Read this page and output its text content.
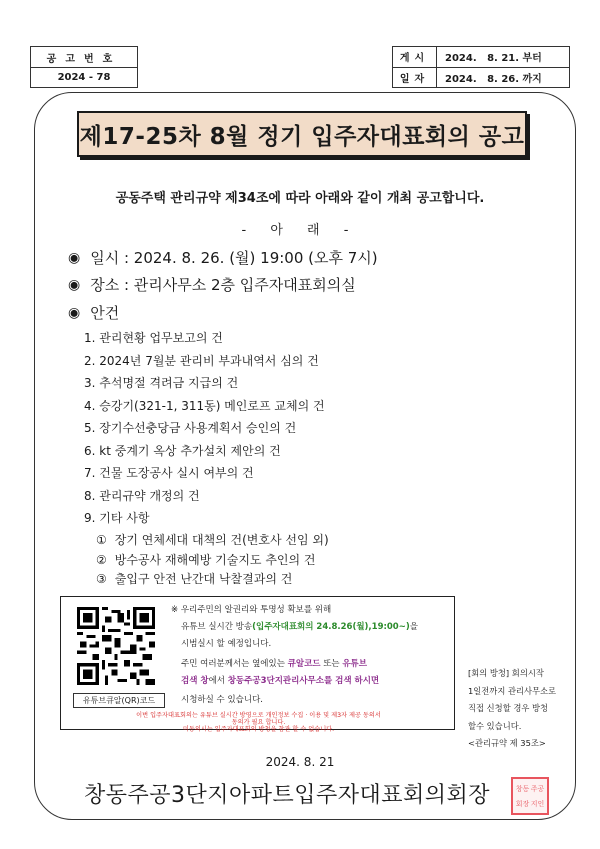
공고번호
2024 - 78
게시	2024.   8. 21. 부터
일자	2024.   8. 26. 까지
제17-25차 8월 정기 입주자대표회의 공고
공동주택 관리규약 제34조에 따라 아래와 같이 개최 공고합니다.
- 아 래 -
◉ 일시 : 2024. 8. 26. (월) 19:00 (오후 7시)
◉ 장소 : 관리사무소 2층 입주자대표회의실
◉ 안건
1. 관리현황 업무보고의 건
2. 2024년 7월분 관리비 부과내역서 심의 건
3. 추석명절 격려금 지급의 건
4. 승강기(321-1, 311동) 메인로프 교체의 건
5. 장기수선충당금 사용계획서 승인의 건
6. kt 중계기 옥상 추가설치 제안의 건
7. 건물 도장공사 실시 여부의 건
8. 관리규약 개정의 건
9. 기타 사항
① 장기 연체세대 대책의 건(변호사 선임 외)
② 방수공사 재해예방 기술지도 추인의 건
③ 출입구 안전 난간대 낙찰결과의 건
유튜브큐알(QR)코드
※ 우리주민의 알권리와 투명성 확보를 위해
유튜브 실시간 방송(입주자대표회의 24.8.26(월),19:00~)을
시범실시 할 예정입니다.
주민 여러분께서는 옆에있는 큐알코드 또는 유튜브
검색 창에서 창동주공3단지관리사무소를 검색 하시면
시청하실 수 있습니다.
이번 입주자대표회의는 유튜브 실시간 방영으로 개인정보 수집 · 이용 및 제3자 제공 동의서
동의가 필요 합니다.
미동의시는 입주자대표회의 방청을 참관 할 수 없습니다.
[회의 방청] 회의시작
1일전까지 관리사무소로
직접 신청할 경우 방청
할수 있습니다.
<관리규약 제 35조>
2024. 8. 21
창동주공3단지아파트입주자대표회의회장	창동 주공
회장 지인
